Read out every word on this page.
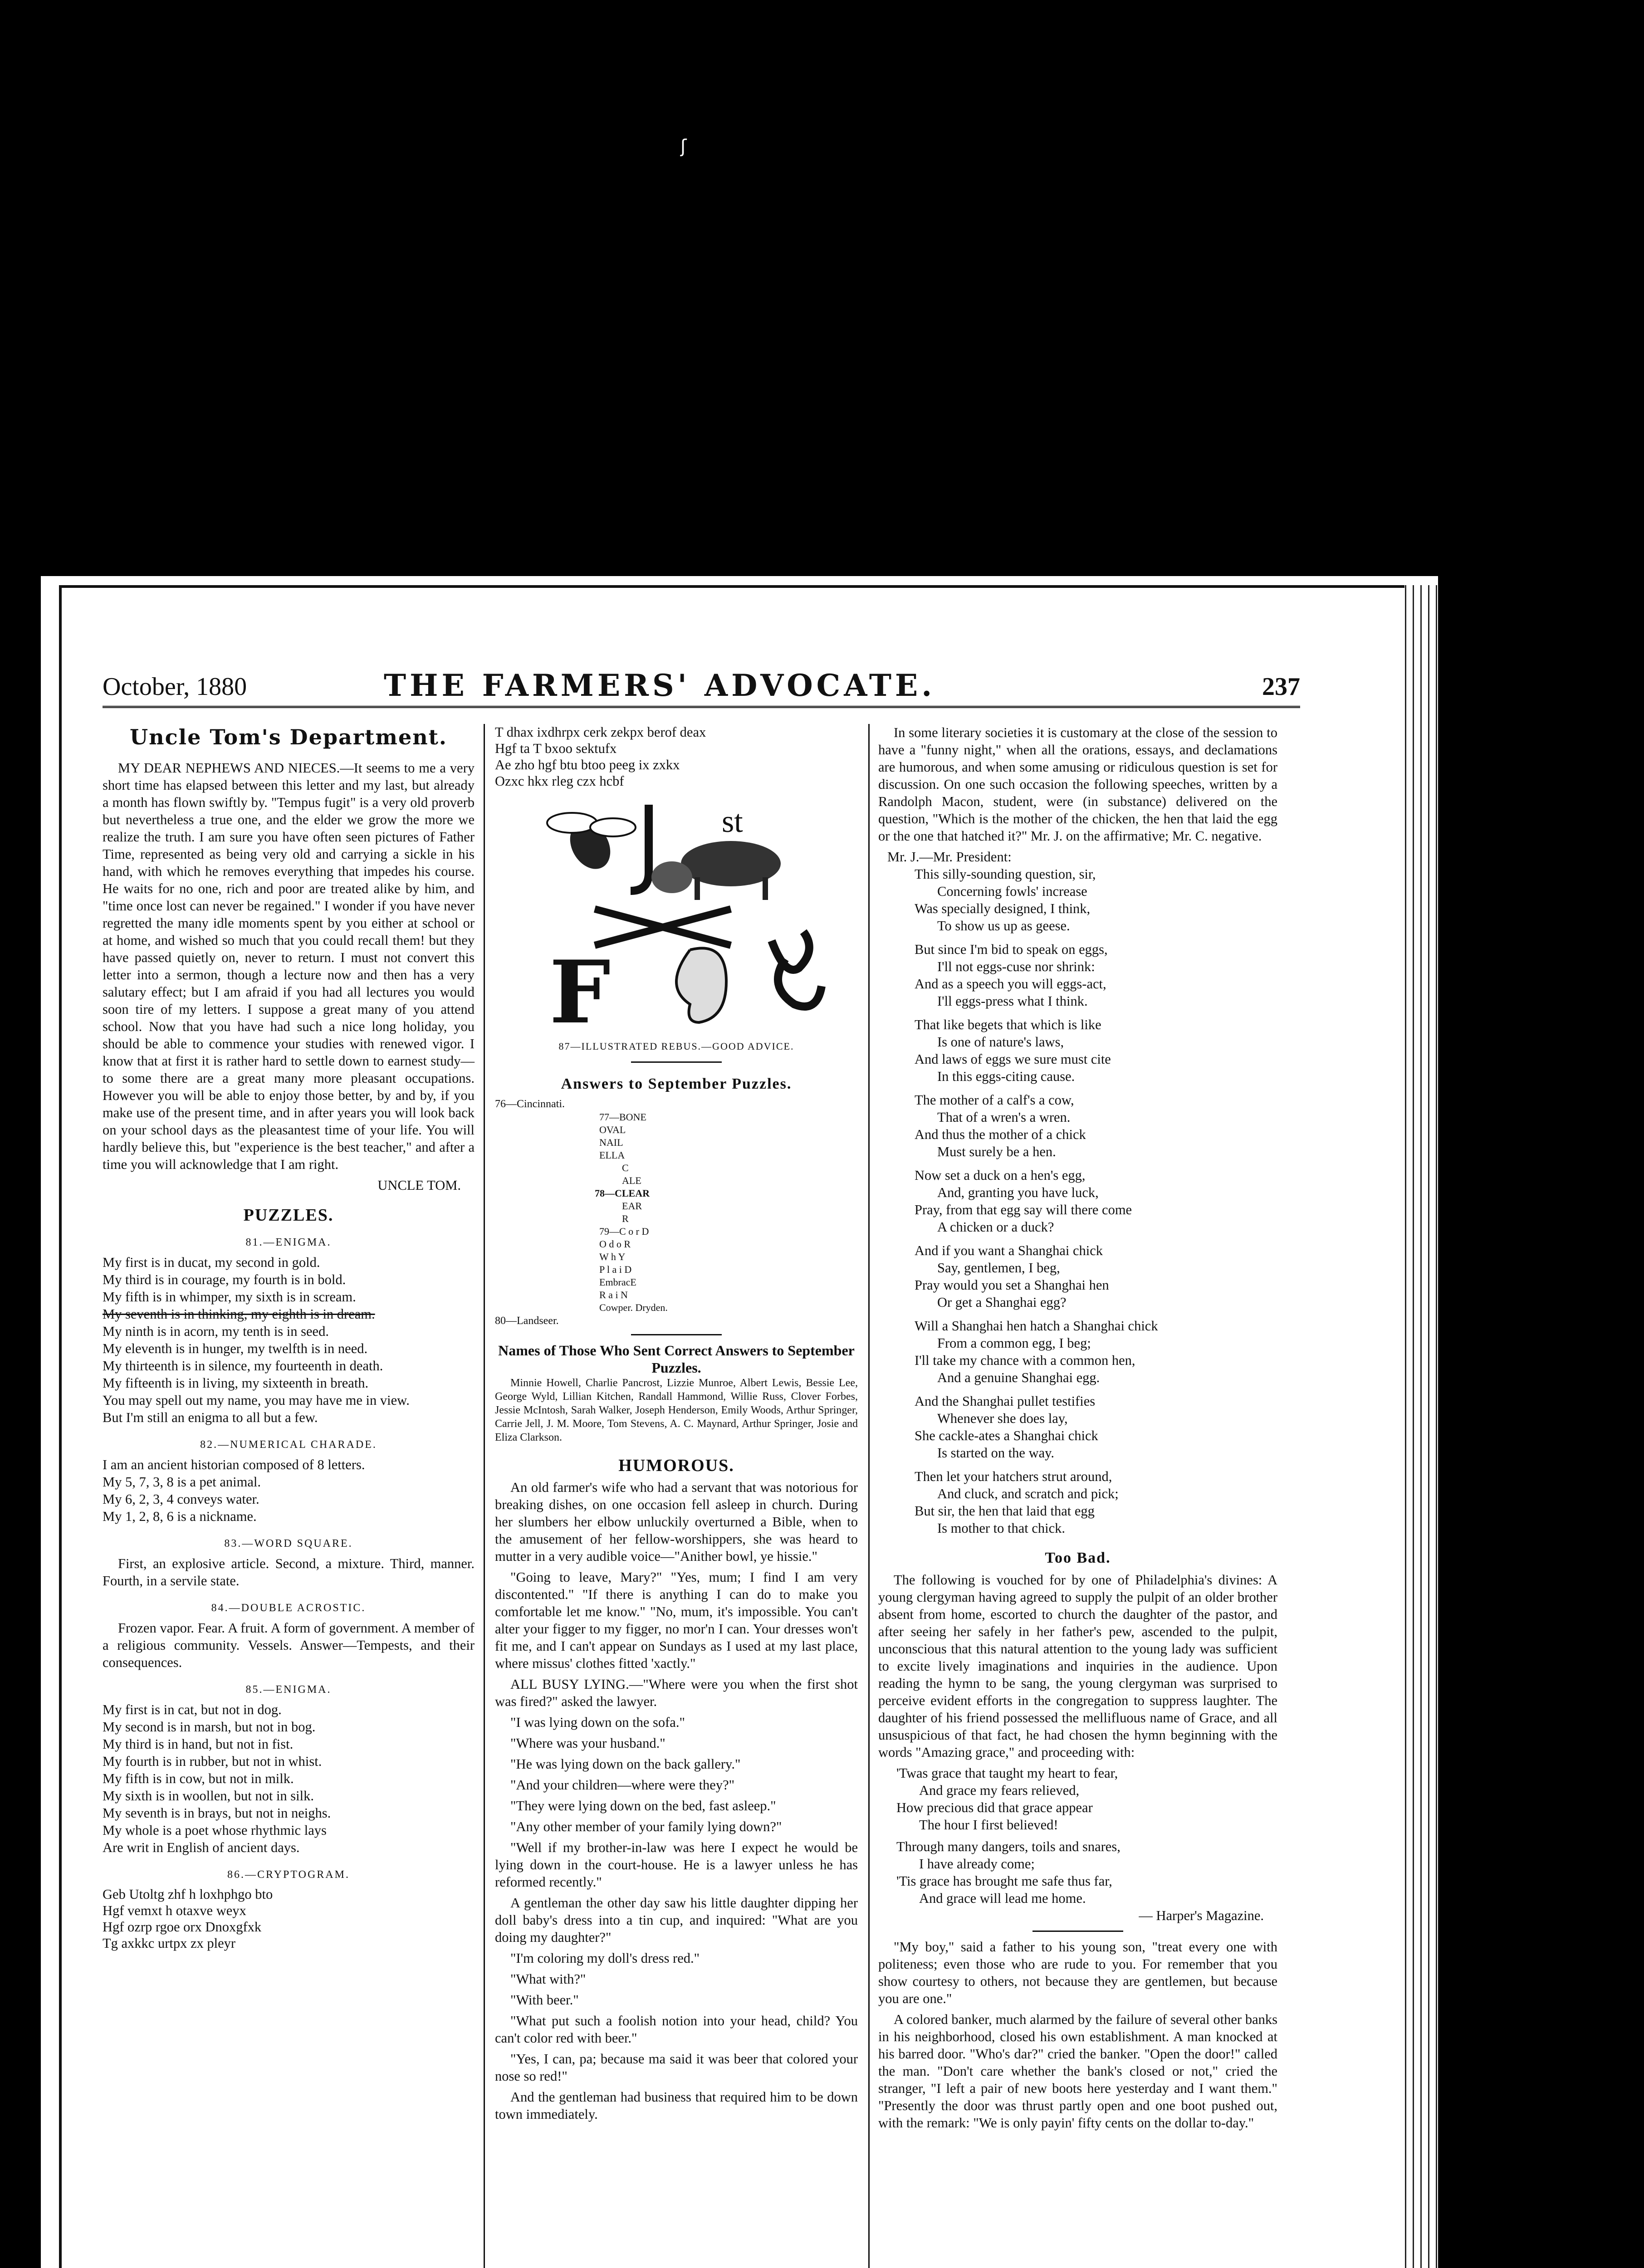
ʃ
October, 1880	THE FARMERS' ADVOCATE.	237
Uncle Tom's Department.

MY DEAR NEPHEWS AND NIECES.—It seems to me a very short time has elapsed between this letter and my last, but already a month has flown swiftly by. "Tempus fugit" is a very old proverb but nevertheless a true one, and the elder we grow the more we realize the truth. I am sure you have often seen pictures of Father Time, represented as being very old and carrying a sickle in his hand, with which he removes everything that impedes his course. He waits for no one, rich and poor are treated alike by him, and "time once lost can never be regained." I wonder if you have never regretted the many idle moments spent by you either at school or at home, and wished so much that you could recall them! but they have passed quietly on, never to return. I must not convert this letter into a sermon, though a lecture now and then has a very salutary effect; but I am afraid if you had all lectures you would soon tire of my letters. I suppose a great many of you attend school. Now that you have had such a nice long holiday, you should be able to commence your studies with renewed vigor. I know that at first it is rather hard to settle down to earnest study—to some there are a great many more pleasant occupations. However you will be able to enjoy those better, by and by, if you make use of the present time, and in after years you will look back on your school days as the pleasantest time of your life. You will hardly believe this, but "experience is the best teacher," and after a time you will acknowledge that I am right.

UNCLE TOM.
PUZZLES.
81.—ENIGMA.
My first is in ducat, my second in gold.
My third is in courage, my fourth is in bold.
My fifth is in whimper, my sixth is in scream.
My seventh is in thinking, my eighth is in dream.
My ninth is in acorn, my tenth is in seed.
My eleventh is in hunger, my twelfth is in need.
My thirteenth is in silence, my fourteenth in death.
My fifteenth is in living, my sixteenth in breath.
You may spell out my name, you may have me in view.
But I'm still an enigma to all but a few.
82.—NUMERICAL CHARADE.
I am an ancient historian composed of 8 letters.
My 5, 7, 3, 8 is a pet animal.
My 6, 2, 3, 4 conveys water.
My 1, 2, 8, 6 is a nickname.
83.—WORD SQUARE.

First, an explosive article. Second, a mixture. Third, manner. Fourth, in a servile state.

84.—DOUBLE ACROSTIC.

Frozen vapor. Fear. A fruit. A form of government. A member of a religious community. Vessels. Answer—Tempests, and their consequences.

85.—ENIGMA.
My first is in cat, but not in dog.
My second is in marsh, but not in bog.
My third is in hand, but not in fist.
My fourth is in rubber, but not in whist.
My fifth is in cow, but not in milk.
My sixth is in woollen, but not in silk.
My seventh is in brays, but not in neighs.
My whole is a poet whose rhythmic lays
Are writ in English of ancient days.
86.—CRYPTOGRAM.
Geb Utoltg zhf h loxhphgo bto
Hgf vemxt h otaxve weyx
Hgf ozrp rgoe orx Dnoxgfxk
Tg axkkc urtpx zx pleyr
T dhax ixdhrpx cerk zekpx berof deax
Hgf ta T bxoo sektufx
Ae zho hgf btu btoo peeg ix zxkx
Ozxc hkx rleg czx hcbf
st
F
87—ILLUSTRATED REBUS.—GOOD ADVICE.
Answers to September Puzzles.
76—Cincinnati.
77—BONE
OVAL
NAIL
ELLA
C
ALE
78—CLEAR
EAR
R
79—C o r D
O d o R
W h Y
P l a i D
EmbracE
R a i N
Cowper. Dryden.
80—Landseer.
Names of Those Who Sent Correct Answers to September Puzzles.

Minnie Howell, Charlie Pancrost, Lizzie Munroe, Albert Lewis, Bessie Lee, George Wyld, Lillian Kitchen, Randall Hammond, Willie Russ, Clover Forbes, Jessie McIntosh, Sarah Walker, Joseph Henderson, Emily Woods, Arthur Springer, Carrie Jell, J. M. Moore, Tom Stevens, A. C. Maynard, Arthur Springer, Josie and Eliza Clarkson.

HUMOROUS.

An old farmer's wife who had a servant that was notorious for breaking dishes, on one occasion fell asleep in church. During her slumbers her elbow unluckily overturned a Bible, when to the amusement of her fellow-worshippers, she was heard to mutter in a very audible voice—"Anither bowl, ye hissie."

"Going to leave, Mary?" "Yes, mum; I find I am very discontented." "If there is anything I can do to make you comfortable let me know." "No, mum, it's impossible. You can't alter your figger to my figger, no mor'n I can. Your dresses won't fit me, and I can't appear on Sundays as I used at my last place, where missus' clothes fitted 'xactly."

ALL BUSY LYING.—"Where were you when the first shot was fired?" asked the lawyer.

"I was lying down on the sofa."

"Where was your husband."

"He was lying down on the back gallery."

"And your children—where were they?"

"They were lying down on the bed, fast asleep."

"Any other member of your family lying down?"

"Well if my brother-in-law was here I expect he would be lying down in the court-house. He is a lawyer unless he has reformed recently."

A gentleman the other day saw his little daughter dipping her doll baby's dress into a tin cup, and inquired: "What are you doing my daughter?"

"I'm coloring my doll's dress red."

"What with?"

"With beer."

"What put such a foolish notion into your head, child? You can't color red with beer."

"Yes, I can, pa; because ma said it was beer that colored your nose so red!"

And the gentleman had business that required him to be down town immediately.

In some literary societies it is customary at the close of the session to have a "funny night," when all the orations, essays, and declamations are humorous, and when some amusing or ridiculous question is set for discussion. On one such occasion the following speeches, written by a Randolph Macon, student, were (in substance) delivered on the question, "Which is the mother of the chicken, the hen that laid the egg or the one that hatched it?" Mr. J. on the affirmative; Mr. C. negative.

Mr. J.—Mr. President:
This silly-sounding question, sir,
Concerning fowls' increase
Was specially designed, I think,
To show us up as geese.
But since I'm bid to speak on eggs,
I'll not eggs-cuse nor shrink:
And as a speech you will eggs-act,
I'll eggs-press what I think.
That like begets that which is like
Is one of nature's laws,
And laws of eggs we sure must cite
In this eggs-citing cause.
The mother of a calf's a cow,
That of a wren's a wren.
And thus the mother of a chick
Must surely be a hen.
Now set a duck on a hen's egg,
And, granting you have luck,
Pray, from that egg say will there come
A chicken or a duck?
And if you want a Shanghai chick
Say, gentlemen, I beg,
Pray would you set a Shanghai hen
Or get a Shanghai egg?
Will a Shanghai hen hatch a Shanghai chick
From a common egg, I beg;
I'll take my chance with a common hen,
And a genuine Shanghai egg.
And the Shanghai pullet testifies
Whenever she does lay,
She cackle-ates a Shanghai chick
Is started on the way.
Then let your hatchers strut around,
And cluck, and scratch and pick;
But sir, the hen that laid that egg
Is mother to that chick.
Too Bad.

The following is vouched for by one of Philadelphia's divines: A young clergyman having agreed to supply the pulpit of an older brother absent from home, escorted to church the daughter of the pastor, and after seeing her safely in her father's pew, ascended to the pulpit, unconscious that this natural attention to the young lady was sufficient to excite lively imaginations and inquiries in the audience. Upon reading the hymn to be sang, the young clergyman was surprised to perceive evident efforts in the congregation to suppress laughter. The daughter of his friend possessed the mellifluous name of Grace, and all unsuspicious of that fact, he had chosen the hymn beginning with the words "Amazing grace," and proceeding with:

'Twas grace that taught my heart to fear,
And grace my fears relieved,
How precious did that grace appear
The hour I first believed!
Through many dangers, toils and snares,
I have already come;
'Tis grace has brought me safe thus far,
And grace will lead me home.
— Harper's Magazine.

"My boy," said a father to his young son, "treat every one with politeness; even those who are rude to you. For remember that you show courtesy to others, not because they are gentlemen, but because you are one."

A colored banker, much alarmed by the failure of several other banks in his neighborhood, closed his own establishment. A man knocked at his barred door. "Who's dar?" cried the banker. "Open the door!" called the man. "Don't care whether the bank's closed or not," cried the stranger, "I left a pair of new boots here yesterday and I want them." "Presently the door was thrust partly open and one boot pushed out, with the remark: "We is only payin' fifty cents on the dollar to-day."
